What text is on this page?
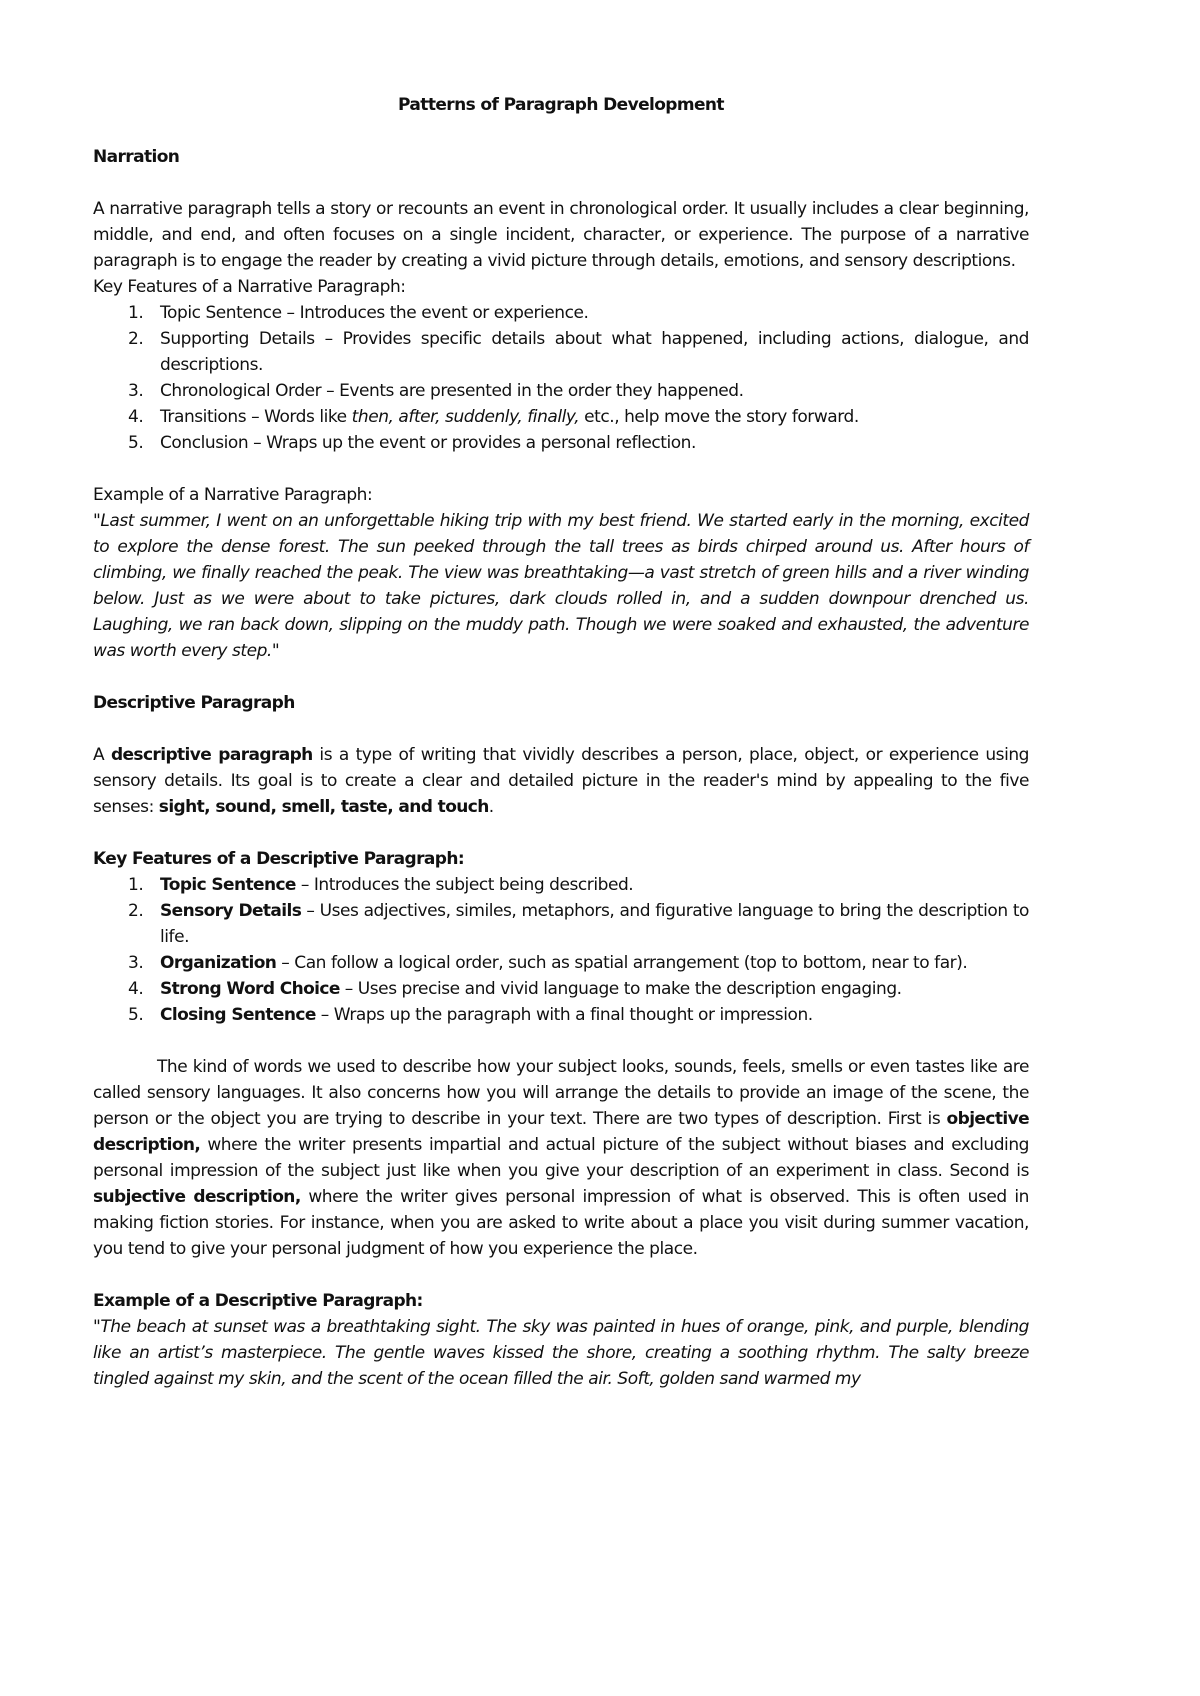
Patterns of Paragraph Development

Narration

A narrative paragraph tells a story or recounts an event in chronological order. It usually includes a clear beginning, middle, and end, and often focuses on a single incident, character, or experience. The purpose of a narrative paragraph is to engage the reader by creating a vivid picture through details, emotions, and sensory descriptions.

Key Features of a Narrative Paragraph:

1. Topic Sentence – Introduces the event or experience.
2. Supporting Details – Provides specific details about what happened, including actions, dialogue, and descriptions.
3. Chronological Order – Events are presented in the order they happened.
4. Transitions – Words like then, after, suddenly, finally, etc., help move the story forward.
5. Conclusion – Wraps up the event or provides a personal reflection.

Example of a Narrative Paragraph:

"Last summer, I went on an unforgettable hiking trip with my best friend. We started early in the morning, excited to explore the dense forest. The sun peeked through the tall trees as birds chirped around us. After hours of climbing, we finally reached the peak. The view was breathtaking—a vast stretch of green hills and a river winding below. Just as we were about to take pictures, dark clouds rolled in, and a sudden downpour drenched us. Laughing, we ran back down, slipping on the muddy path. Though we were soaked and exhausted, the adventure was worth every step."

Descriptive Paragraph

A descriptive paragraph is a type of writing that vividly describes a person, place, object, or experience using sensory details. Its goal is to create a clear and detailed picture in the reader's mind by appealing to the five senses: sight, sound, smell, taste, and touch.

Key Features of a Descriptive Paragraph:

1. Topic Sentence – Introduces the subject being described.
2. Sensory Details – Uses adjectives, similes, metaphors, and figurative language to bring the description to life.
3. Organization – Can follow a logical order, such as spatial arrangement (top to bottom, near to far).
4. Strong Word Choice – Uses precise and vivid language to make the description engaging.
5. Closing Sentence – Wraps up the paragraph with a final thought or impression.

The kind of words we used to describe how your subject looks, sounds, feels, smells or even tastes like are called sensory languages. It also concerns how you will arrange the details to provide an image of the scene, the person or the object you are trying to describe in your text. There are two types of description. First is objective description, where the writer presents impartial and actual picture of the subject without biases and excluding personal impression of the subject just like when you give your description of an experiment in class. Second is subjective description, where the writer gives personal impression of what is observed. This is often used in making fiction stories. For instance, when you are asked to write about a place you visit during summer vacation, you tend to give your personal judgment of how you experience the place.

Example of a Descriptive Paragraph:

"The beach at sunset was a breathtaking sight. The sky was painted in hues of orange, pink, and purple, blending like an artist’s masterpiece. The gentle waves kissed the shore, creating a soothing rhythm. The salty breeze tingled against my skin, and the scent of the ocean filled the air. Soft, golden sand warmed my
